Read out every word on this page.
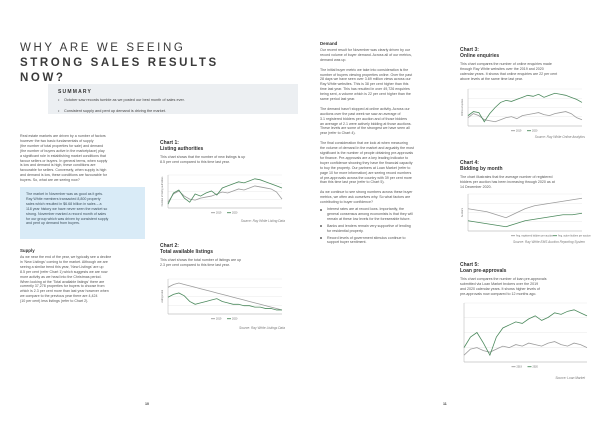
WHY ARE WE SEEING
STRONG SALES RESULTS NOW?
SUMMARY
• October saw records tumble as we posted our best month of sales ever.
• Consistent supply and pent up demand is driving the market.
Real estate markets are driven by a number of factors
however the two basic fundamentals of supply
(the number of total properties for sale) and demand
(the number of buyers active in the marketplace) play
a significant role in establishing market conditions that
favour sellers or buyers. In general terms, when supply
is low and demand is high, these conditions are
favourable for sellers. Conversely, when supply is high
and demand is low, these conditions are favourable for
buyers. So, what are we seeing now?
The market in November was as good as it gets.
Ray White members transacted 8,800 property
sales which resulted in $6.68 billion in sales – a
118 year history we have never seen the market so
strong. November marked a record month of sales
for our group which was driven by consistent supply
and pent up demand from buyers.
Supply
As we near the end of the year, we typically see a decline
in 'New Listings' coming to the market. Although we are
seeing a similar trend this year, 'New Listings' are up
8.5 per cent (refer Chart 1) which suggests we are now
more activity as we head into the Christmas period.
When looking at the 'Total available listings' there are
currently 37,278 properties for buyers to choose from
which is 2.3 per cent more than last year however when
we compare to the previous year there are 4,424
(10 per cent) less listings (refer to Chart 2).
Chart 1:
Listing authorities
This chart shows that the number of new listings is up
8.5 per cent compared to this time last year.
Number of listing authorities
2019	2020
Source: Ray White Listing Data
Chart 2:
Total available listings
This chart shows the total number of listings are up
2.3 per cent compared to this time last year.
Listings total
2019	2020
Source: Ray White Listings Data
10
Demand
Our recent result for November was clearly driven by our
record volume of buyer demand. Across all of our metrics,
demand was up.
The initial buyer metric we take into consideration is the
number of buyers viewing properties online. Over the past
28 days we have seen over 3.69 million views across our
Ray White websites. This is 38 per cent higher than this
time last year. This has resulted in over 49,726 enquiries
being sent, a volume which is 22 per cent higher than the
same period last year.
The demand hasn't stopped at online activity. Across our
auctions over the past week we saw an average of
3.1 registered bidders per auction and of those bidders
an average of 2.1 were actively bidding at those auctions.
These levels are some of the strongest we have seen all
year (refer to Chart 4).
The final consideration that we look at when measuring
the volume of demand in the market and arguably the most
significant is the number of people obtaining pre-approvals
for finance. Pre-approvals are a key leading indicator to
buyer confidence showing they have the financial capacity
to buy the property. Our partners at Loan Market (refer to
page 10 for more information) are seeing record numbers
of pre-approvals across the country with 39 per cent more
than this time last year (refer to Chart 5).
As we continue to see strong numbers across these buyer
metrics, we often ask ourselves why. So what factors are
contributing to buyer confidence?
Interest rates are at record lows. Importantly, the
general consensus among economists is that they will
remain at these low levels for the foreseeable future.
Banks and lenders remain very supportive of lending
for residential property.
Record levels of government stimulus continue to
support buyer sentiment.
Chart 3:
Online enquiries
This chart compares the number of online enquiries made
through Ray White websites over the 2019 and 2020
calendar years. It shows that online enquiries are 22 per cent
above levels at the same time last year.
Online enquiries
2019	2020
Source: Ray White Online Analytics
Chart 4:
Bidding by month
The chart illustrates that the average number of registered
bidders per auction has been increasing through 2020 as at
14 December 2020.
Auctions
Avg. registered bidders per auction Avg. active bidders per auction
Source: Ray White EMS Auction Reporting System
Chart 5:
Loan pre-approvals
This chart compares the number of loan pre-approvals
submitted via Loan Market brokers over the 2019
and 2020 calendar years. It shows higher levels of
pre-approvals now compared to 12 months ago.
2019	2020
Source: Loan Market
11
